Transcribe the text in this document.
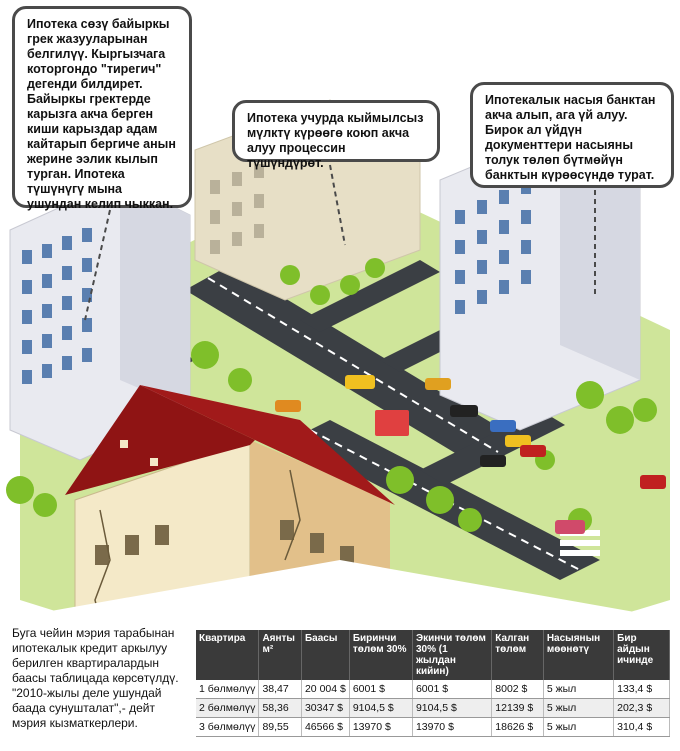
Ипотека сөзү байыркы грек жазууларынан белгилүү. Кыргызчага которгондо "тирегич" дегенди билдирет. Байыркы гректерде карызга акча берген киши карыздар адам кайтарып бергиче анын жерине ээлик кылып турган. Ипотека түшүнүгү мына ушундан келип чыккан.
Ипотека учурда кыймылсыз мүлктү күрөөгө коюп акча алуу процессин түшүндүрөт.
Ипотекалык насыя банктан акча алып, ага үй алуу. Бирок ал үйдүн документтери насыяны толук төлөп бүтмөйүн банктын күрөөсүндө турат.
Буга чейин мэрия тарабынан ипотекалык кредит аркылуу берилген квартиралардын баасы таблицада көрсөтүлдү. "2010-жылы деле ушундай баада сунушталат",- дейт мэрия кызматкерлери.
Квартира	Аянты м²	Баасы	Биринчи төлөм 30%	Экинчи төлөм 30% (1 жылдан кийин)	Калган төлөм	Насыянын мөөнөтү	Бир айдын ичинде
1 бөлмөлүү	38,47	20 004 $	6001 $	6001 $	8002 $	5 жыл	133,4 $
2 бөлмөлүү	58,36	30347 $	9104,5 $	9104,5 $	12139 $	5 жыл	202,3 $
3 бөлмөлүү	89,55	46566 $	13970 $	13970 $	18626 $	5 жыл	310,4 $
